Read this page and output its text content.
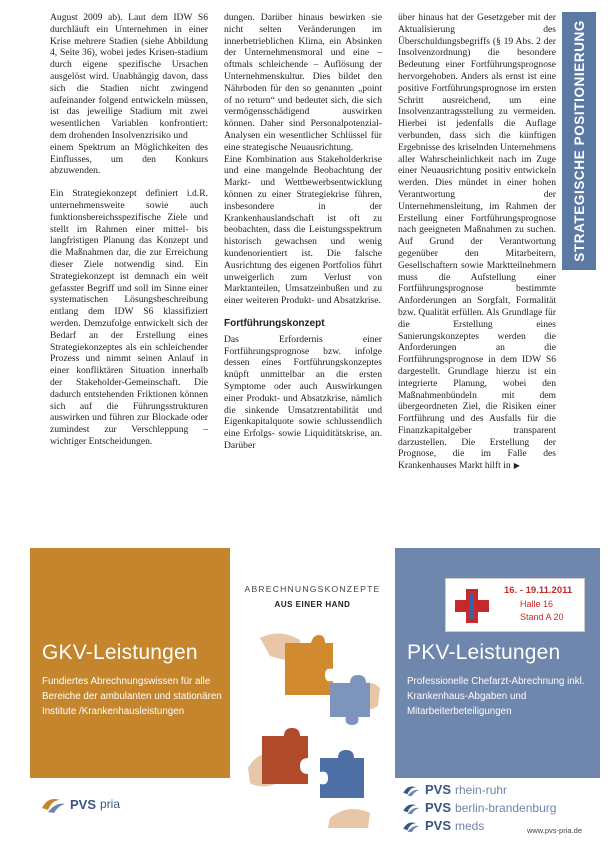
August 2009 ab). Laut dem IDW S6 durchläuft ein Unternehmen in einer Krise mehrere Stadien (siehe Abbildung 4, Seite 36), wobei jedes Krisen-stadium durch eigene spezifische Ursachen ausgelöst wird. Unabhängig davon, dass sich die Stadien nicht zwingend aufeinander folgend entwickeln müssen, ist das jeweilige Stadium mit zwei wesentlichen Variablen konfrontiert: dem drohenden Insolvenzrisiko und

einem Spektrum an Möglichkeiten des Einflusses, um den Konkurs abzuwenden.

Ein Strategiekonzept definiert i.d.R. unternehmensweite sowie auch funktionsbereichsspezifische Ziele und stellt im Rahmen einer mittel- bis langfristigen Planung das Konzept und die Maßnahmen dar, die zur Erreichung dieser Ziele notwendig sind. Ein Strategiekonzept ist demnach ein weit gefasster Begriff und soll im Sinne einer systematischen Lösungsbeschreibung entlang dem IDW S6 klassifiziert werden. Demzufolge entwickelt sich der Bedarf an der Erstellung eines Strategiekonzeptes als ein schleichender Prozess und nimmt seinen Anlauf in einer konfliktären Situation innerhalb der Stakeholder-Gemeinschaft. Die dadurch entstehenden Friktionen können sich auf die Führungsstrukturen auswirken und führen zur Blockade oder zumindest zur Verschleppung – wichtiger Entscheidungen.

dungen. Darüber hinaus bewirken sie nicht selten Veränderungen im innerbetrieblichen Klima, ein Absinken der Unternehmensmoral und eine – oftmals schleichende – Auflösung der Unternehmenskultur. Dies bildet den Nährboden für den so genannten „point of no return“ und bedeutet sich, die sich vermögensschädigend auswirken können. Daher sind Personalpotenzial-Analysen ein wesentlicher Schlüssel für eine strategische Neuausrichtung.

Eine Kombination aus Stakeholderkrise und eine mangelnde Beobachtung der Markt- und Wettbewerbsentwicklung können zu einer Strategiekrise führen, insbesondere in der Krankenhauslandschaft ist oft zu beobachten, dass die Leistungsspektrum historisch gewachsen und wenig kundenorientiert ist. Die falsche Ausrichtung des eigenen Portfolios führt unweigerlich zum Verlust von Marktanteilen, Umsatzeinbußen und zu einer weiteren Produkt- und Absatzkrise.

Fortführungskonzept

Das Erfordernis einer Fortführungsprognose bzw. infolge dessen eines Fortführungskonzeptes knüpft unmittelbar an die ersten Symptome oder auch Auswirkungen einer Produkt- und Absatzkrise, nämlich die sinkende Umsatzrentabilität und Eigenkapitalquote sowie schlussendlich eine Erfolgs- sowie Liquiditätskrise, an. Darüber

über hinaus hat der Gesetzgeber mit der Aktualisierung des Überschuldungsbegriffs (§ 19 Abs. 2 der Insolvenzordnung) die besondere Bedeutung einer Fortführungsprognose hervorgehoben. Anders als ernst ist eine positive Fortführungsprognose im ersten Schritt ausreichend, um eine Insolvenzantragsstellung zu vermeiden. Hierbei ist jedenfalls die Auflage verbunden, dass sich die künftigen Ergebnisse des kriselnden Unternehmens aller Wahrscheinlichkeit nach im Zuge einer Neuausrichtung positiv entwickeln werden. Dies mündet in einer hohen Verantwortung der Unternehmensleitung, im Rahmen der Erstellung einer Fortführungsprognose nach geeigneten Maßnahmen zu suchen. Auf Grund der Verantwortung gegenüber den Mitarbeitern, Gesellschaftern sowie Marktteilnehmern muss die Aufstellung einer Fortführungsprognose bestimmte Anforderungen an Sorgfalt, Formalität bzw. Qualität erfüllen. Als Grundlage für die Erstellung eines Sanierungskonzeptes werden die Anforderungen an die Fortführungsprognose in dem IDW S6 dargestellt. Grundlage hierzu ist ein integrierte Planung, wobei den Maßnahmenbündeln mit dem übergeordneten Ziel, die Risiken einer Fortführung und des Ausfalls für die Finanzkapitalgeber transparent darzustellen. Die Erstellung der Prognose, die im Falle des Krankenhauses Markt hilft in ▶

STRATEGISCHE POSITIONIERUNG
GKV-Leistungen
Fundiertes Abrechnungswissen für alle Bereiche der ambulanten und stationären Institute /Krankenhausleistungen
PVS pria
ABRECHNUNGSKONZEPTE
AUS EINER HAND
16. - 19.11.2011
Halle 16
Stand A 20
PKV-Leistungen
Professionelle Chefarzt-Abrechnung inkl. Krankenhaus-Abgaben und Mitarbeiterbeteiligungen
PVS rhein-ruhr
PVS berlin-brandenburg
PVS meds	www.pvs-pria.de
